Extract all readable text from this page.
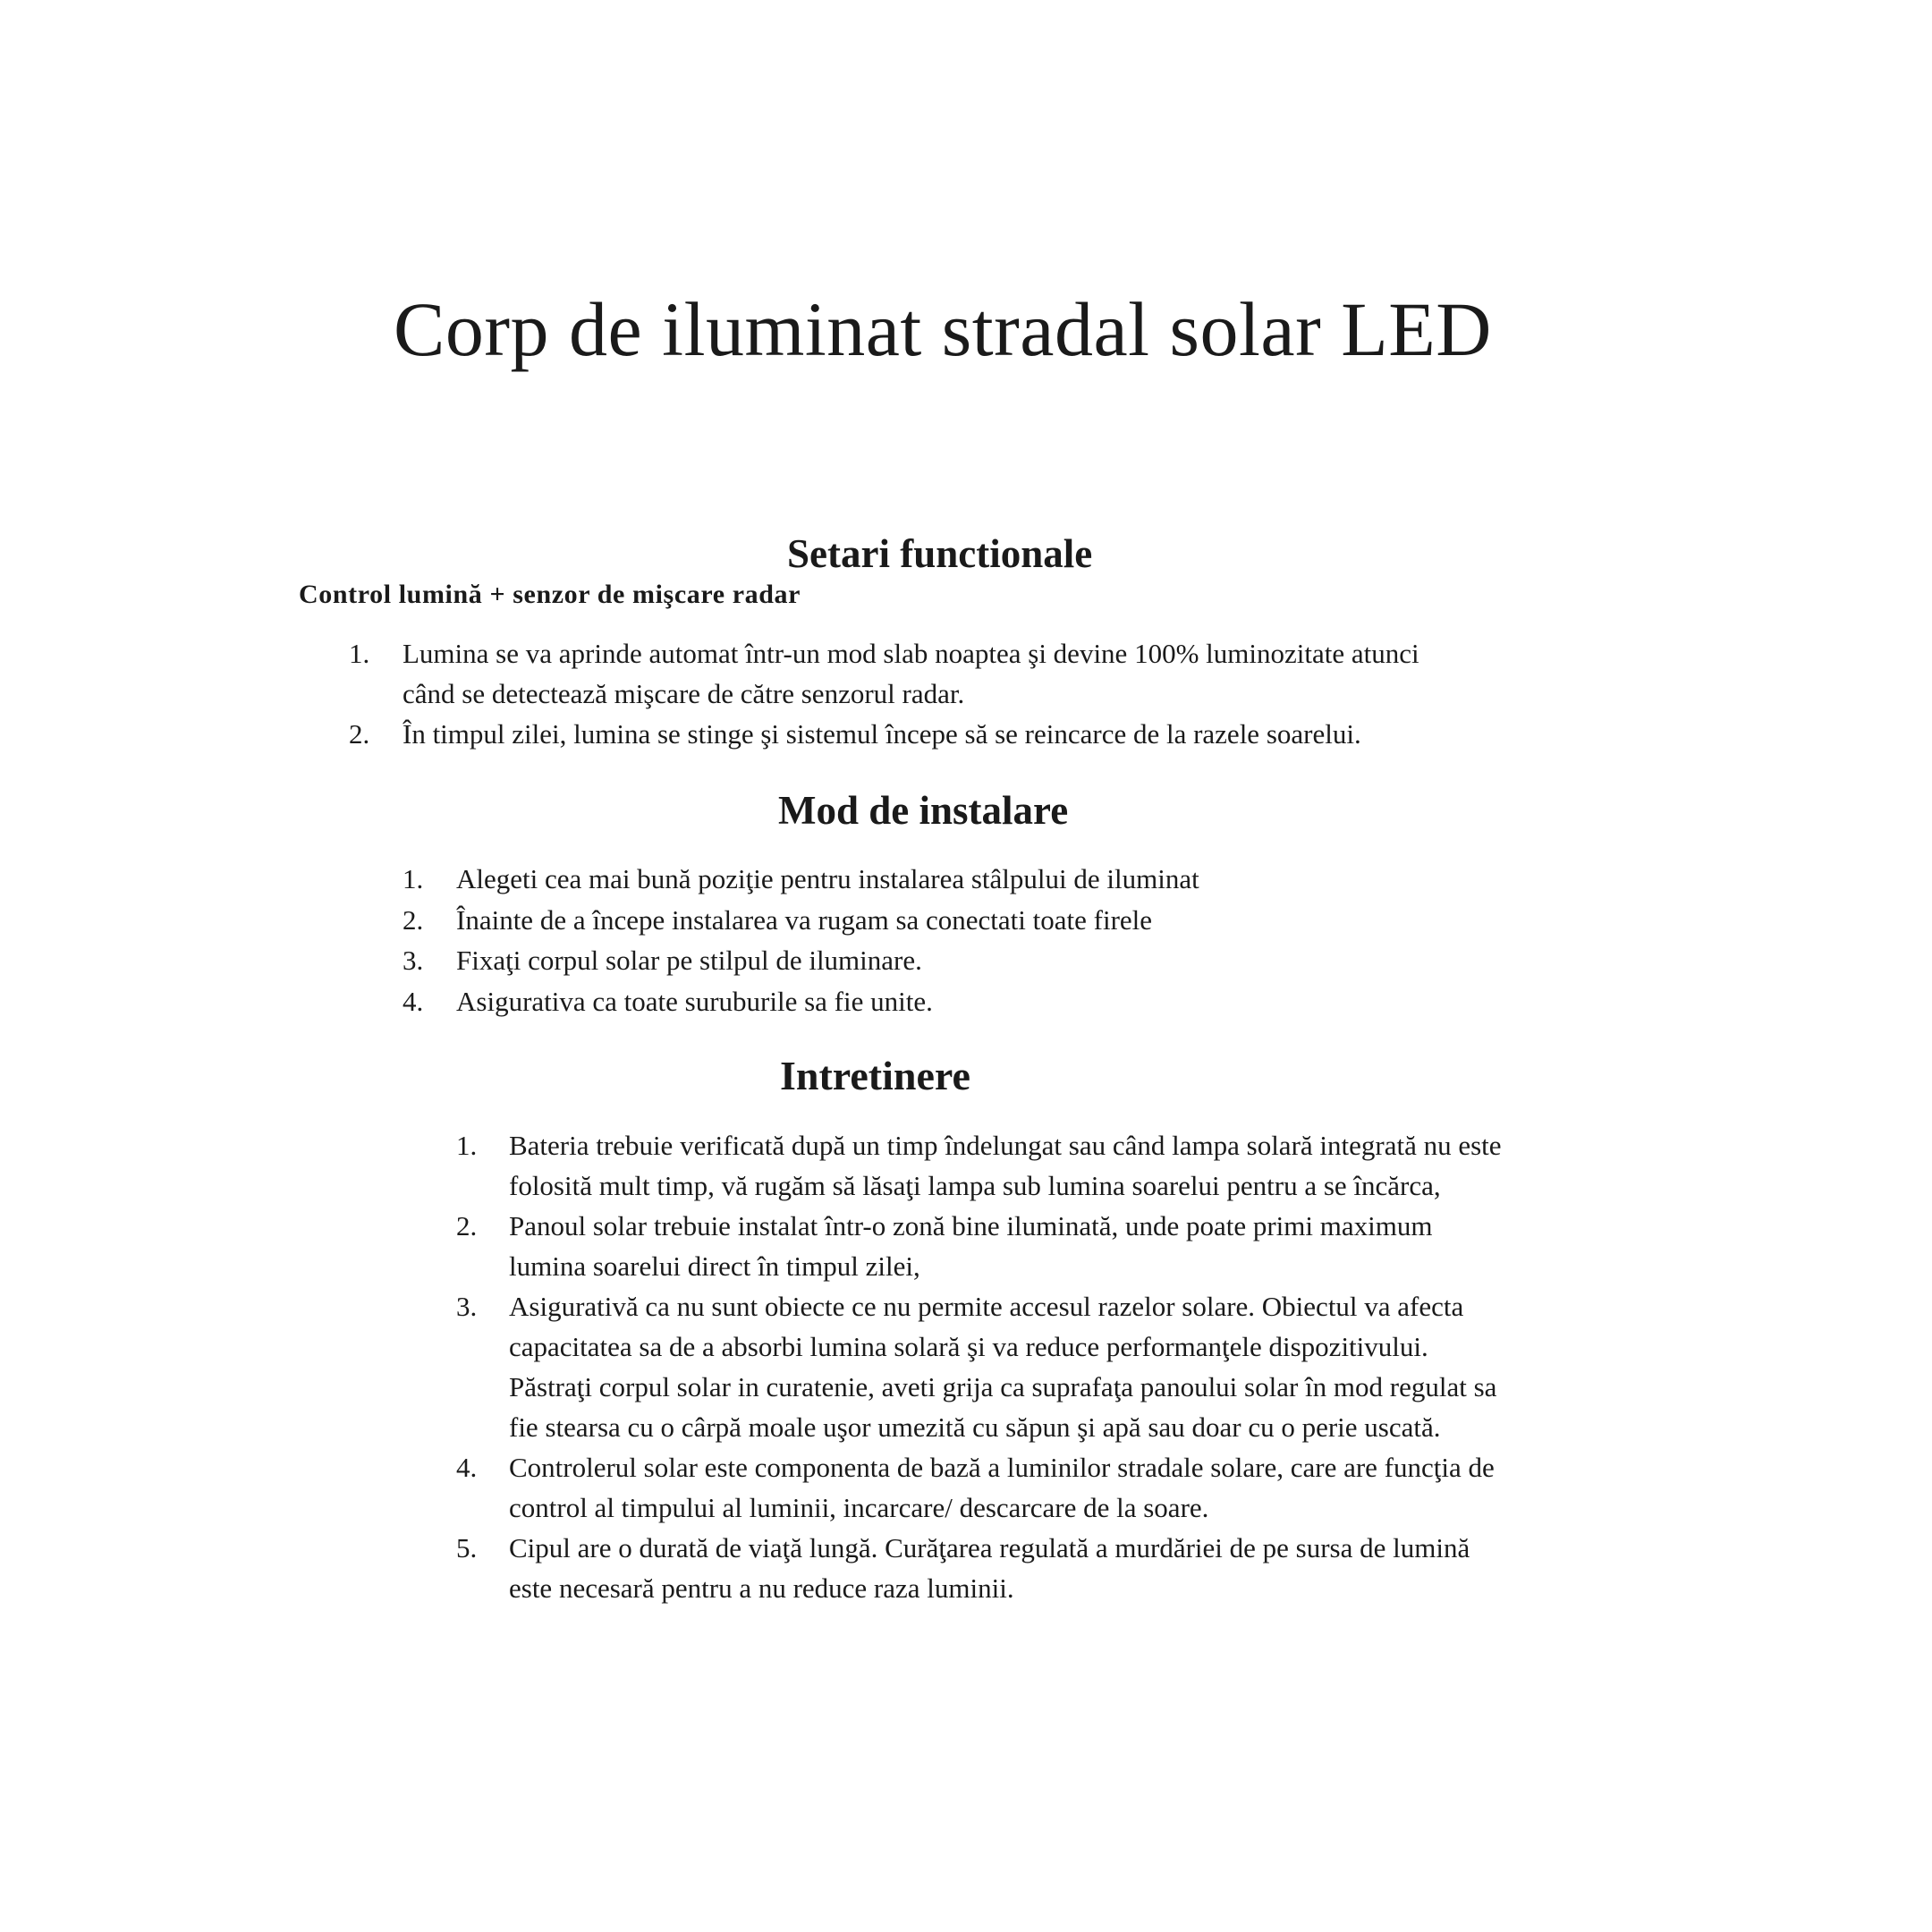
Corp de iluminat stradal solar LED
Setari functionale

Control lumină + senzor de mişcare radar

1. Lumina se va aprinde automat într-un mod slab noaptea şi devine 100% luminozitate atunci
când se detectează mişcare de către senzorul radar.
2. În timpul zilei, lumina se stinge şi sistemul începe să se reincarce de la razele soarelui.
Mod de instalare
1. Alegeti cea mai bună poziţie pentru instalarea stâlpului de iluminat
2. Înainte de a începe instalarea va rugam sa conectati toate firele
3. Fixaţi corpul solar pe stilpul de iluminare.
4. Asigurativa ca toate suruburile sa fie unite.
Intretinere
1. Bateria trebuie verificată după un timp îndelungat sau când lampa solară integrată nu este
folosită mult timp, vă rugăm să lăsaţi lampa sub lumina soarelui pentru a se încărca,
2. Panoul solar trebuie instalat într-o zonă bine iluminată, unde poate primi maximum
lumina soarelui direct în timpul zilei,
3. Asigurativă ca nu sunt obiecte ce nu permite accesul razelor solare. Obiectul va afecta
capacitatea sa de a absorbi lumina solară şi va reduce performanţele dispozitivului.
Păstraţi corpul solar in curatenie, aveti grija ca suprafaţa panoului solar în mod regulat sa
fie stearsa cu o cârpă moale uşor umezită cu săpun şi apă sau doar cu o perie uscată.
4. Controlerul solar este componenta de bază a luminilor stradale solare, care are funcţia de
control al timpului al luminii, incarcare/ descarcare de la soare.
5. Cipul are o durată de viaţă lungă. Curăţarea regulată a murdăriei de pe sursa de lumină
este necesară pentru a nu reduce raza luminii.
